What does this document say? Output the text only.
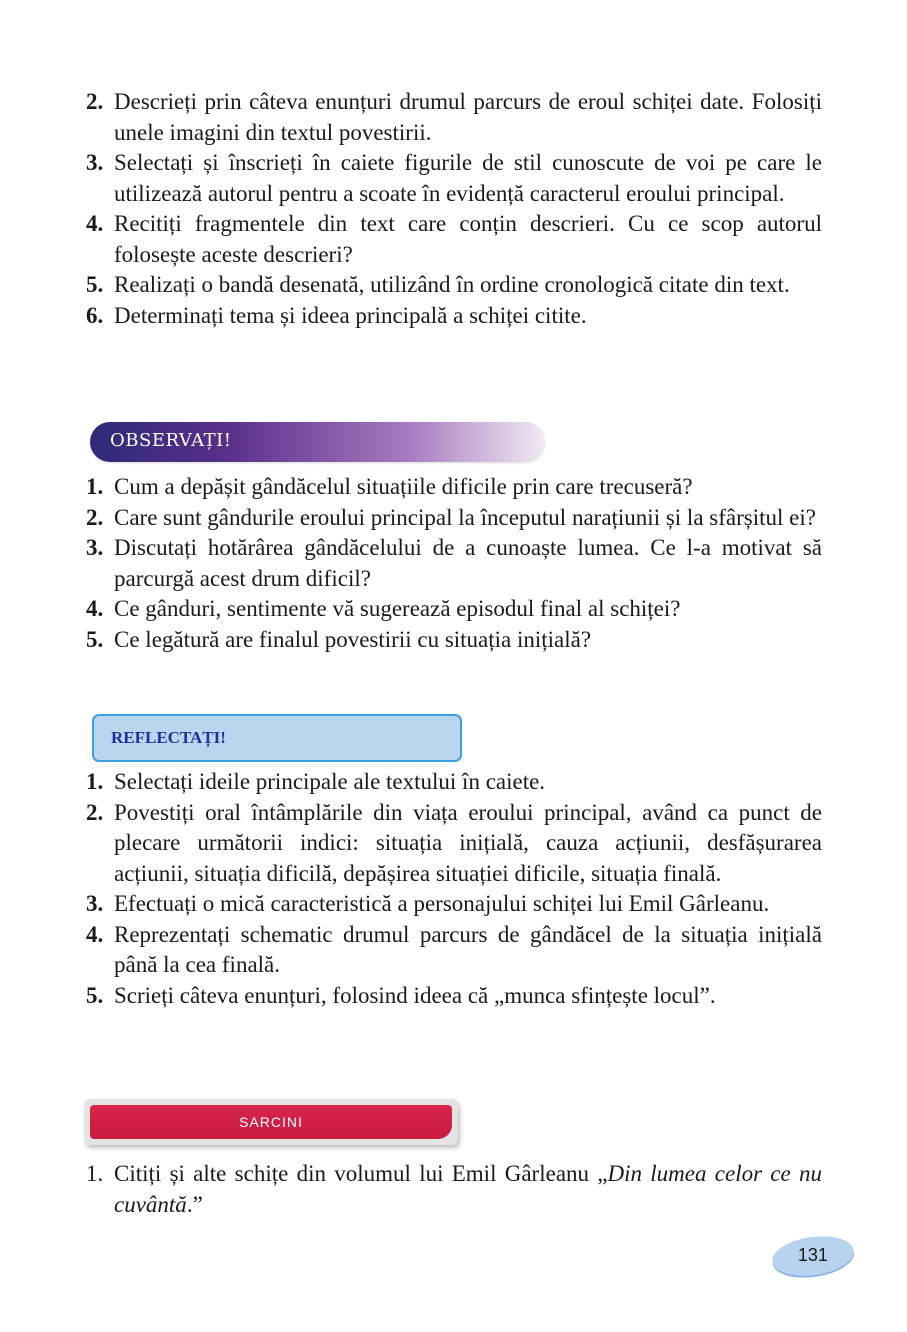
2. Descrieți prin câteva enunțuri drumul parcurs de eroul schiței date. Folosiți unele imagini din textul povestirii.
3. Selectați și înscrieți în caiete figurile de stil cunoscute de voi pe care le utilizează autorul pentru a scoate în evidență caracterul eroului principal.
4. Recitiți fragmentele din text care conțin descrieri. Cu ce scop autorul folosește aceste descrieri?
5. Realizați o bandă desenată, utilizând în ordine cronologică citate din text.
6. Determinați tema și ideea principală a schiței citite.
OBSERVAȚI!
1. Cum a depășit gândăcelul situațiile dificile prin care trecuseră?
2. Care sunt gândurile eroului principal la începutul narațiunii și la sfârșitul ei?
3. Discutați hotărârea gândăcelului de a cunoaște lumea. Ce l-a motivat să parcurgă acest drum dificil?
4. Ce gânduri, sentimente vă sugerează episodul final al schiței?
5. Ce legătură are finalul povestirii cu situația inițială?
REFLECTAȚI!
1. Selectați ideile principale ale textului în caiete.
2. Povestiți oral întâmplările din viața eroului principal, având ca punct de plecare următorii indici: situația inițială, cauza acțiunii, desfășurarea acțiunii, situația dificilă, depășirea situației dificile, situația finală.
3. Efectuați o mică caracteristică a personajului schiței lui Emil Gârleanu.
4. Reprezentați schematic drumul parcurs de gândăcel de la situația inițială până la cea finală.
5. Scrieți câteva enunțuri, folosind ideea că „munca sfințește locul”.
SARCINI
1. Citiți și alte schițe din volumul lui Emil Gârleanu „Din lumea celor ce nu cuvântă.”
131
